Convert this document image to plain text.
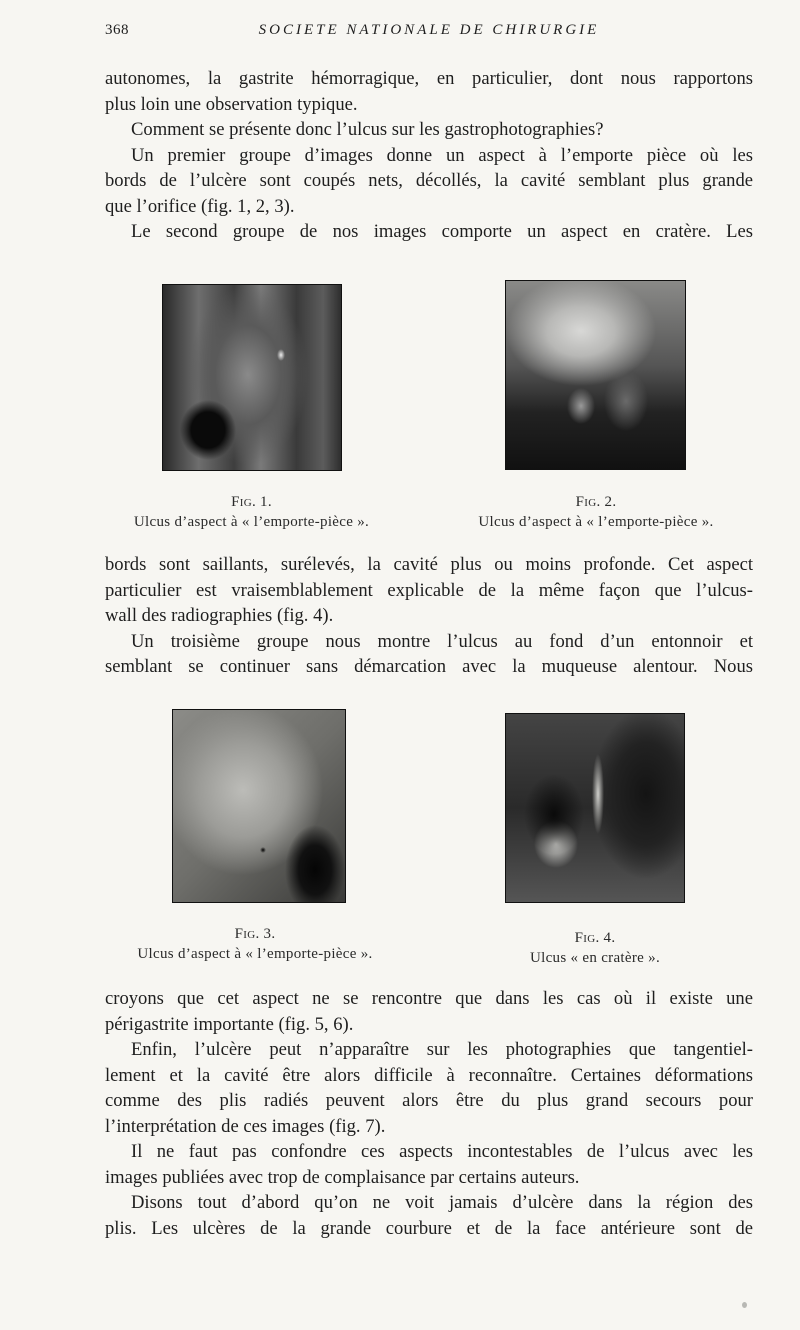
368	SOCIETE NATIONALE DE CHIRURGIE

autonomes, la gastrite hémorragique, en particulier, dont nous rapportons
plus loin une observation typique.

Comment se présente donc l’ulcus sur les gastrophotographies?

Un premier groupe d’images donne un aspect à l’emporte pièce où les
bords de l’ulcère sont coupés nets, décollés, la cavité semblant plus grande
que l’orifice (fig. 1, 2, 3).

Le second groupe de nos images comporte un aspect en cratère. Les

Fig. 1.
Ulcus d’aspect à « l’emporte-pièce ».
Fig. 2.
Ulcus d’aspect à « l’emporte-pièce ».

bords sont saillants, surélevés, la cavité plus ou moins profonde. Cet aspect
particulier est vraisemblablement explicable de la même façon que l’ulcus-
wall des radiographies (fig. 4).

Un troisième groupe nous montre l’ulcus au fond d’un entonnoir et
semblant se continuer sans démarcation avec la muqueuse alentour. Nous

Fig. 3.
Ulcus d’aspect à « l’emporte-pièce ».
Fig. 4.
Ulcus « en cratère ».

croyons que cet aspect ne se rencontre que dans les cas où il existe une
périgastrite importante (fig. 5, 6).

Enfin, l’ulcère peut n’apparaître sur les photographies que tangentiel-
lement et la cavité être alors difficile à reconnaître. Certaines déformations
comme des plis radiés peuvent alors être du plus grand secours pour
l’interprétation de ces images (fig. 7).

Il ne faut pas confondre ces aspects incontestables de l’ulcus avec les
images publiées avec trop de complaisance par certains auteurs.

Disons tout d’abord qu’on ne voit jamais d’ulcère dans la région des
plis. Les ulcères de la grande courbure et de la face antérieure sont de
